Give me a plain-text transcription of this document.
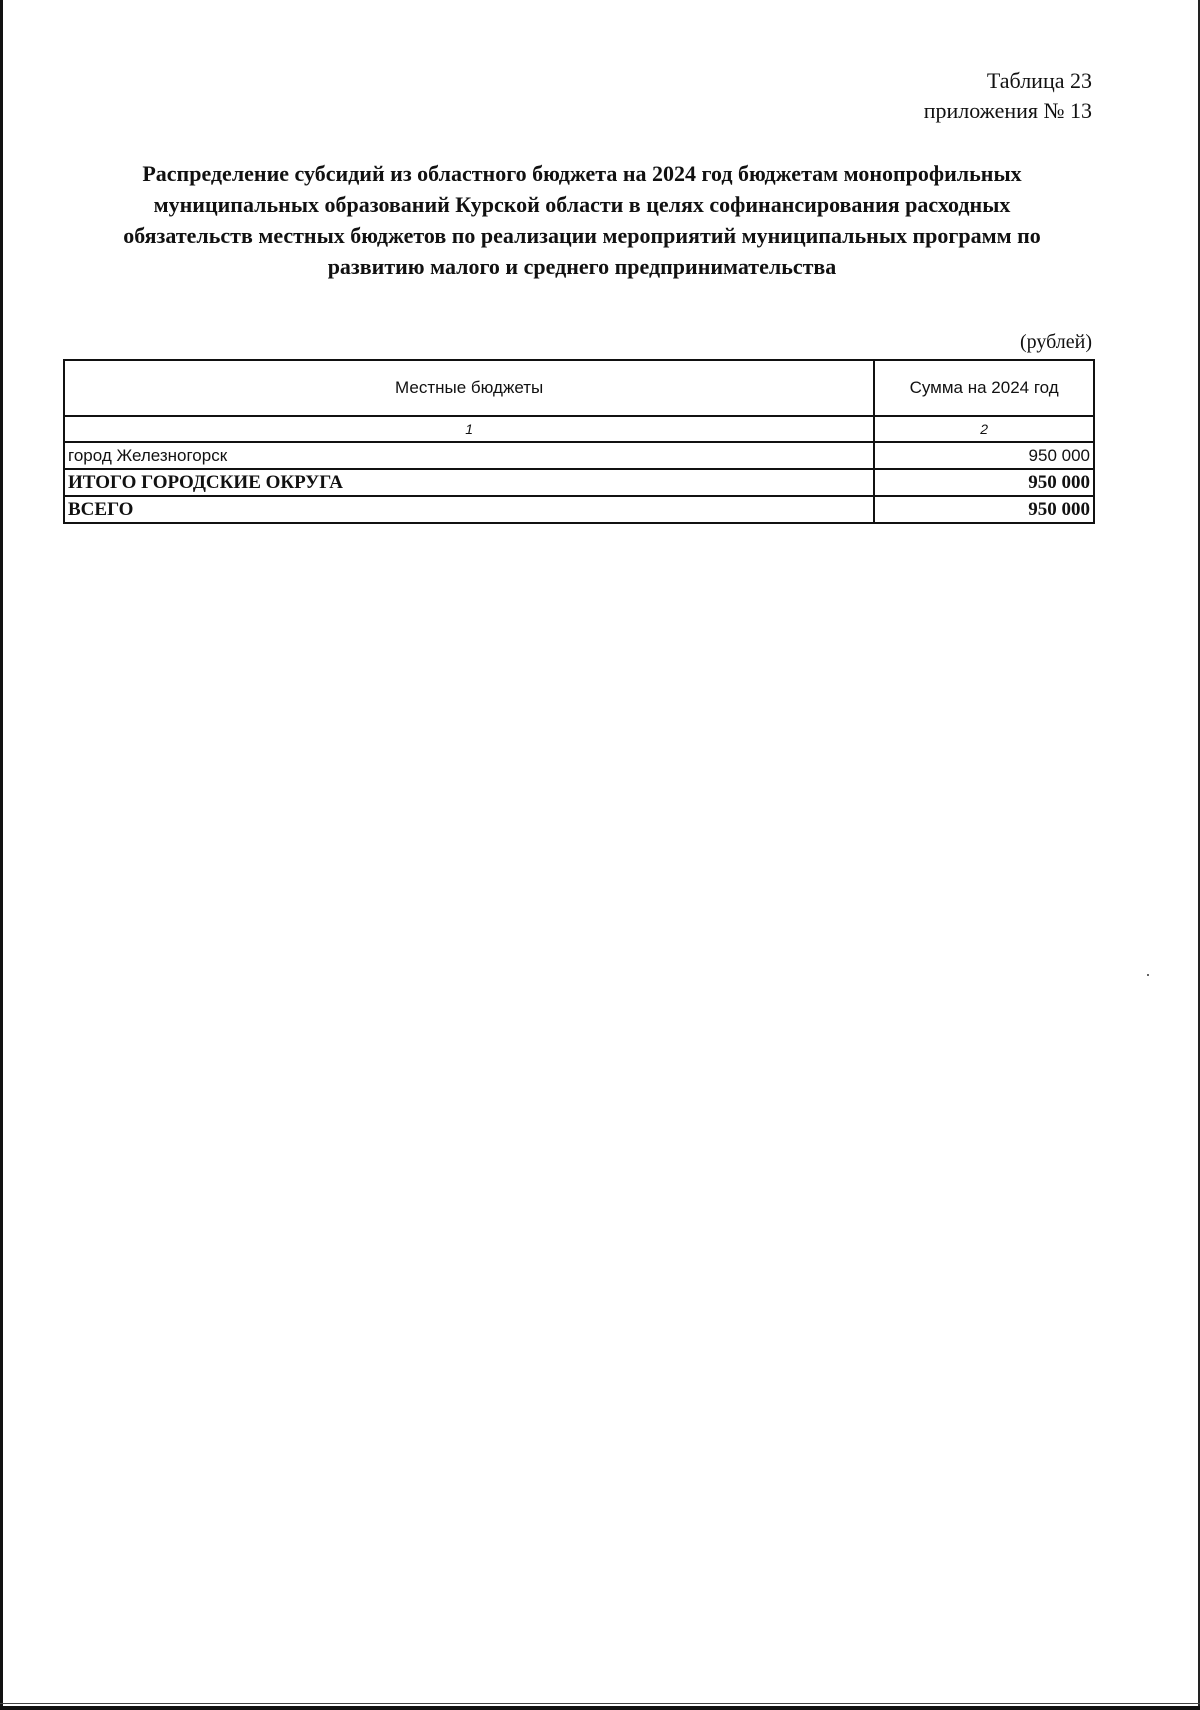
Таблица 23
приложения № 13
Распределение субсидий из областного бюджета на 2024 год бюджетам монопрофильных
муниципальных образований Курской области в целях софинансирования расходных
обязательств местных бюджетов по реализации мероприятий муниципальных программ по
развитию малого и среднего предпринимательства
(рублей)
Местные бюджеты	Сумма на 2024 год
1	2
город Железногорск	950 000
ИТОГО ГОРОДСКИЕ ОКРУГА	950 000
ВСЕГО	950 000
